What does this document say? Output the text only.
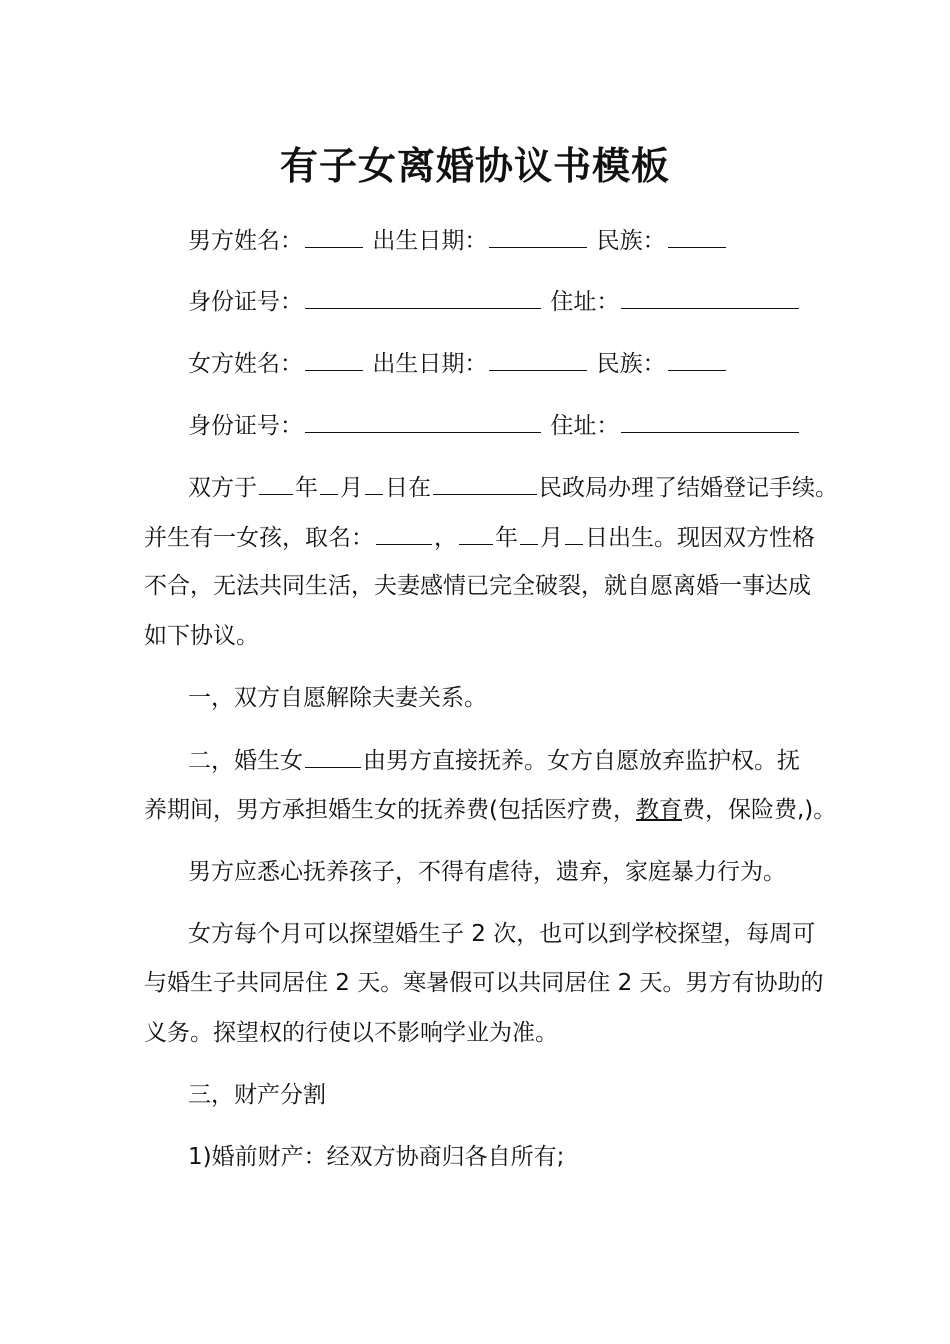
有子女离婚协议书模板
男方姓名：	出生日期：	民族：
身份证号：	住址：
女方姓名：	出生日期：	民族：
身份证号：	住址：
双方于 年 月 日在	民政局办理了结婚登记手续。
并生有一女孩，取名：	， 年 月 日出生。现因双方性格
不合，无法共同生活，夫妻感情已完全破裂，就自愿离婚一事达成
如下协议。
一，双方自愿解除夫妻关系。
二，婚生女	由男方直接抚养。女方自愿放弃监护权。抚
养期间，男方承担婚生女的抚养费(包括医疗费，教育费，保险费,)。
男方应悉心抚养孩子，不得有虐待，遗弃，家庭暴力行为。
女方每个月可以探望婚生子 2 次，也可以到学校探望，每周可
与婚生子共同居住 2 天。寒暑假可以共同居住 2 天。男方有协助的
义务。探望权的行使以不影响学业为准。
三，财产分割
1)婚前财产：经双方协商归各自所有;
